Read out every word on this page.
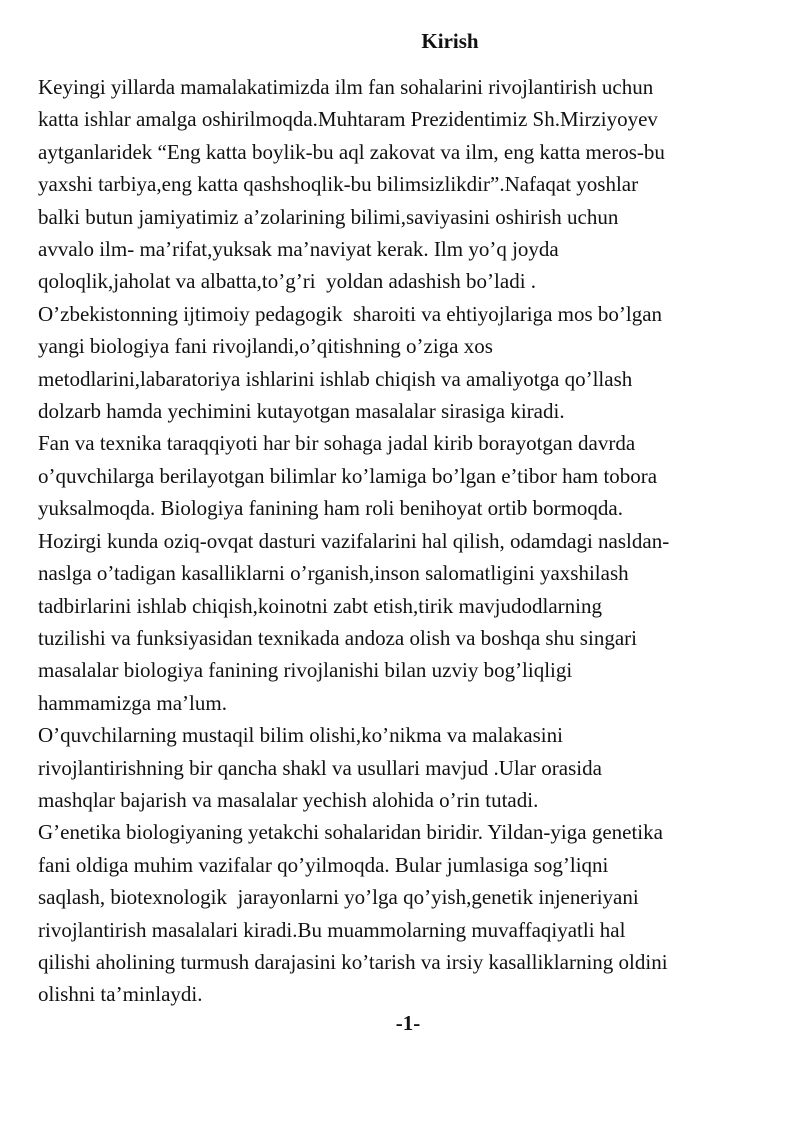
Kirish
Keyingi yillarda mamalakatimizda ilm fan sohalarini rivojlantirish uchun
katta ishlar amalga oshirilmoqda.Muhtaram Prezidentimiz Sh.Mirziyoyev
aytganlaridek “Eng katta boylik-bu aql zakovat va ilm, eng katta meros-bu
yaxshi tarbiya,eng katta qashshoqlik-bu bilimsizlikdir”.Nafaqat yoshlar
balki butun jamiyatimiz a’zolarining bilimi,saviyasini oshirish uchun
avvalo ilm- ma’rifat,yuksak ma’naviyat kerak. Ilm yo’q joyda
qoloqlik,jaholat va albatta,to’g’ri  yoldan adashish bo’ladi .
O’zbekistonning ijtimoiy pedagogik  sharoiti va ehtiyojlariga mos bo’lgan
yangi biologiya fani rivojlandi,o’qitishning o’ziga xos
metodlarini,labaratoriya ishlarini ishlab chiqish va amaliyotga qo’llash
dolzarb hamda yechimini kutayotgan masalalar sirasiga kiradi.
Fan va texnika taraqqiyoti har bir sohaga jadal kirib borayotgan davrda
o’quvchilarga berilayotgan bilimlar ko’lamiga bo’lgan e’tibor ham tobora
yuksalmoqda. Biologiya fanining ham roli benihoyat ortib bormoqda.
Hozirgi kunda oziq-ovqat dasturi vazifalarini hal qilish, odamdagi nasldan-
naslga o’tadigan kasalliklarni o’rganish,inson salomatligini yaxshilash
tadbirlarini ishlab chiqish,koinotni zabt etish,tirik mavjudodlarning
tuzilishi va funksiyasidan texnikada andoza olish va boshqa shu singari
masalalar biologiya fanining rivojlanishi bilan uzviy bog’liqligi
hammamizga ma’lum.
O’quvchilarning mustaqil bilim olishi,ko’nikma va malakasini
rivojlantirishning bir qancha shakl va usullari mavjud .Ular orasida
mashqlar bajarish va masalalar yechish alohida o’rin tutadi.
G’enetika biologiyaning yetakchi sohalaridan biridir. Yildan-yiga genetika
fani oldiga muhim vazifalar qo’yilmoqda. Bular jumlasiga sog’liqni
saqlash, biotexnologik  jarayonlarni yo’lga qo’yish,genetik injeneriyani
rivojlantirish masalalari kiradi.Bu muammolarning muvaffaqiyatli hal
qilishi aholining turmush darajasini ko’tarish va irsiy kasalliklarning oldini
olishni ta’minlaydi.
-1-
